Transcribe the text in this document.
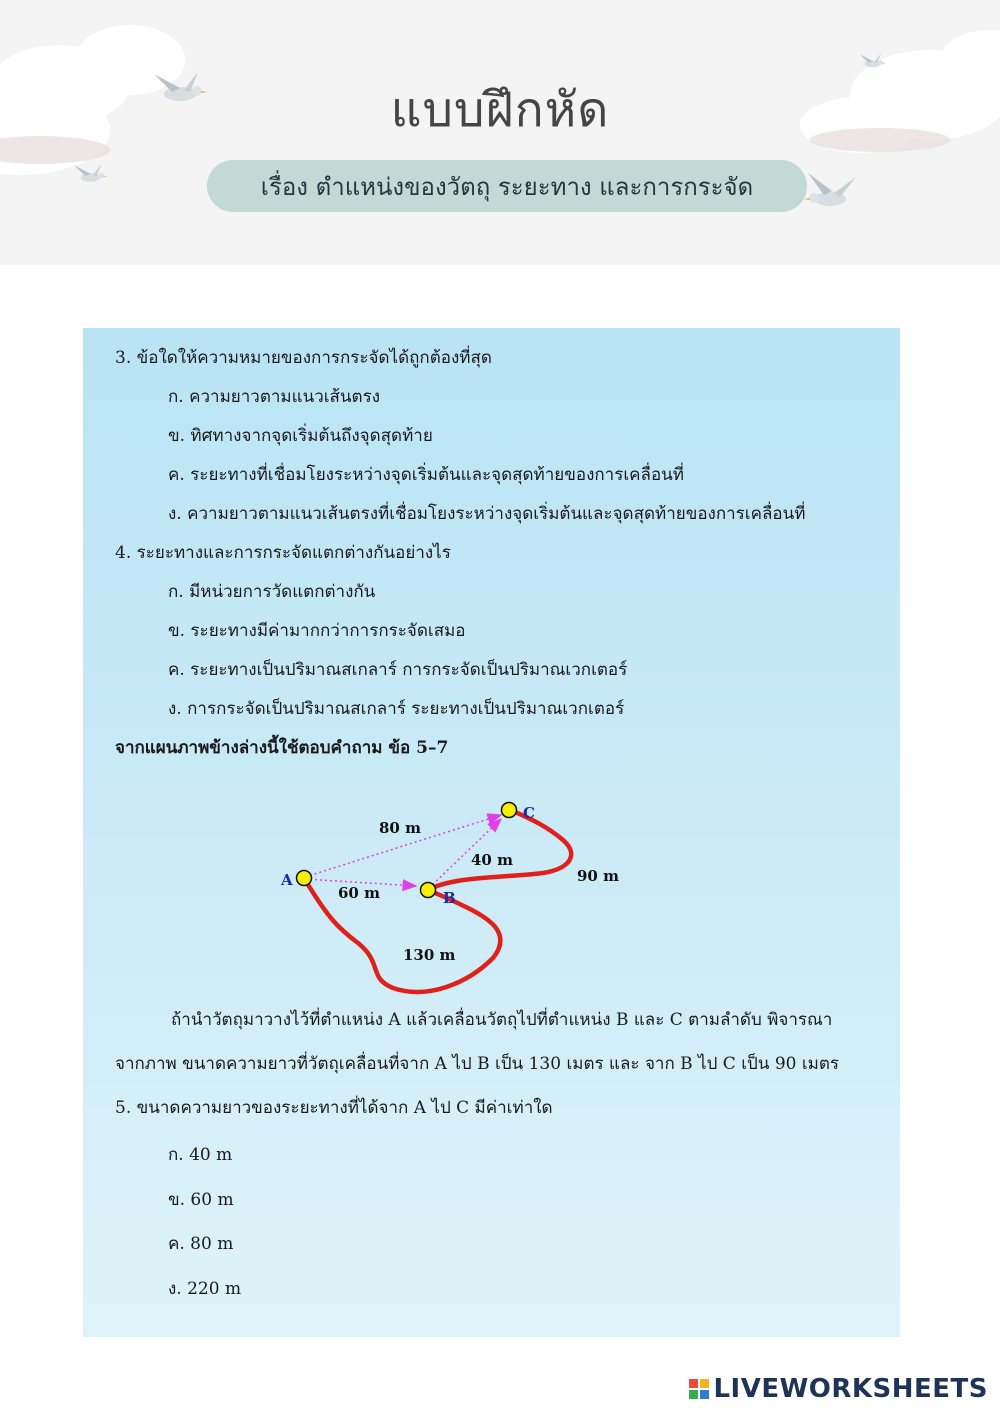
แบบฝึกหัด
เรื่อง ตำแหน่งของวัตถุ ระยะทาง และการกระจัด
3. ข้อใดให้ความหมายของการกระจัดได้ถูกต้องที่สุด
ก. ความยาวตามแนวเส้นตรง
ข. ทิศทางจากจุดเริ่มต้นถึงจุดสุดท้าย
ค. ระยะทางที่เชื่อมโยงระหว่างจุดเริ่มต้นและจุดสุดท้ายของการเคลื่อนที่
ง. ความยาวตามแนวเส้นตรงที่เชื่อมโยงระหว่างจุดเริ่มต้นและจุดสุดท้ายของการเคลื่อนที่
4. ระยะทางและการกระจัดแตกต่างกันอย่างไร
ก. มีหน่วยการวัดแตกต่างกัน
ข. ระยะทางมีค่ามากกว่าการกระจัดเสมอ
ค. ระยะทางเป็นปริมาณสเกลาร์ การกระจัดเป็นปริมาณเวกเตอร์
ง. การกระจัดเป็นปริมาณสเกลาร์ ระยะทางเป็นปริมาณเวกเตอร์
จากแผนภาพข้างล่างนี้ใช้ตอบคำถาม ข้อ 5–7
A
B
C
80 m
60 m
40 m
90 m
130 m
ถ้านำวัตถุมาวางไว้ที่ตำแหน่ง A แล้วเคลื่อนวัตถุไปที่ตำแหน่ง B และ C ตามลำดับ พิจารณา
จากภาพ ขนาดความยาวที่วัตถุเคลื่อนที่จาก A ไป B เป็น 130 เมตร และ จาก B ไป C เป็น 90 เมตร
5. ขนาดความยาวของระยะทางที่ได้จาก A ไป C มีค่าเท่าใด
ก. 40 m
ข. 60 m
ค. 80 m
ง. 220 m
LIVEWORKSHEETS
